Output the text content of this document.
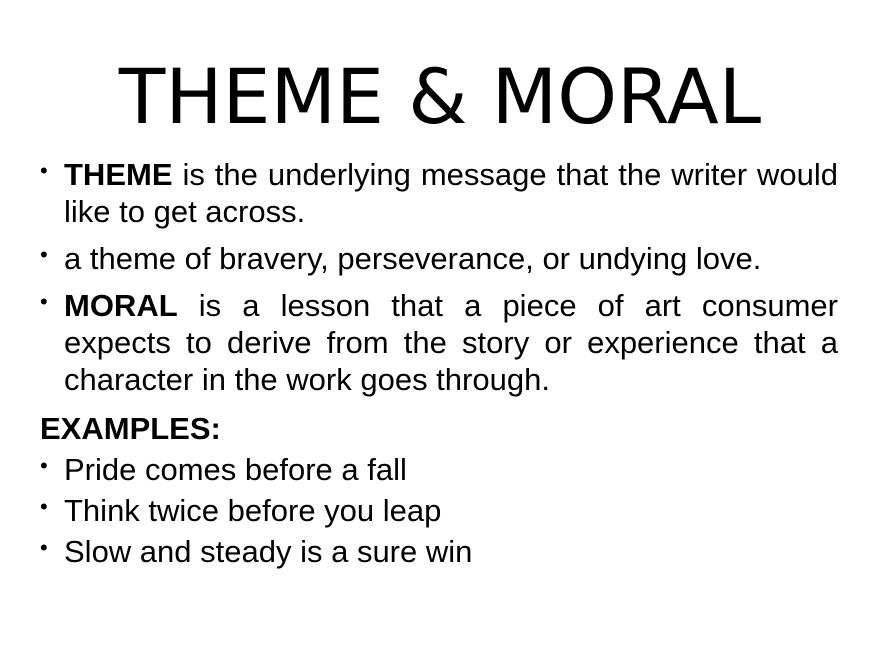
THEME & MORAL
• THEME is the underlying message that the writer would like to get across.
• a theme of bravery, perseverance, or undying love.
• MORAL is a lesson that a piece of art consumer expects to derive from the story or experience that a character in the work goes through.
EXAMPLES:
• Pride comes before a fall
• Think twice before you leap
• Slow and steady is a sure win
